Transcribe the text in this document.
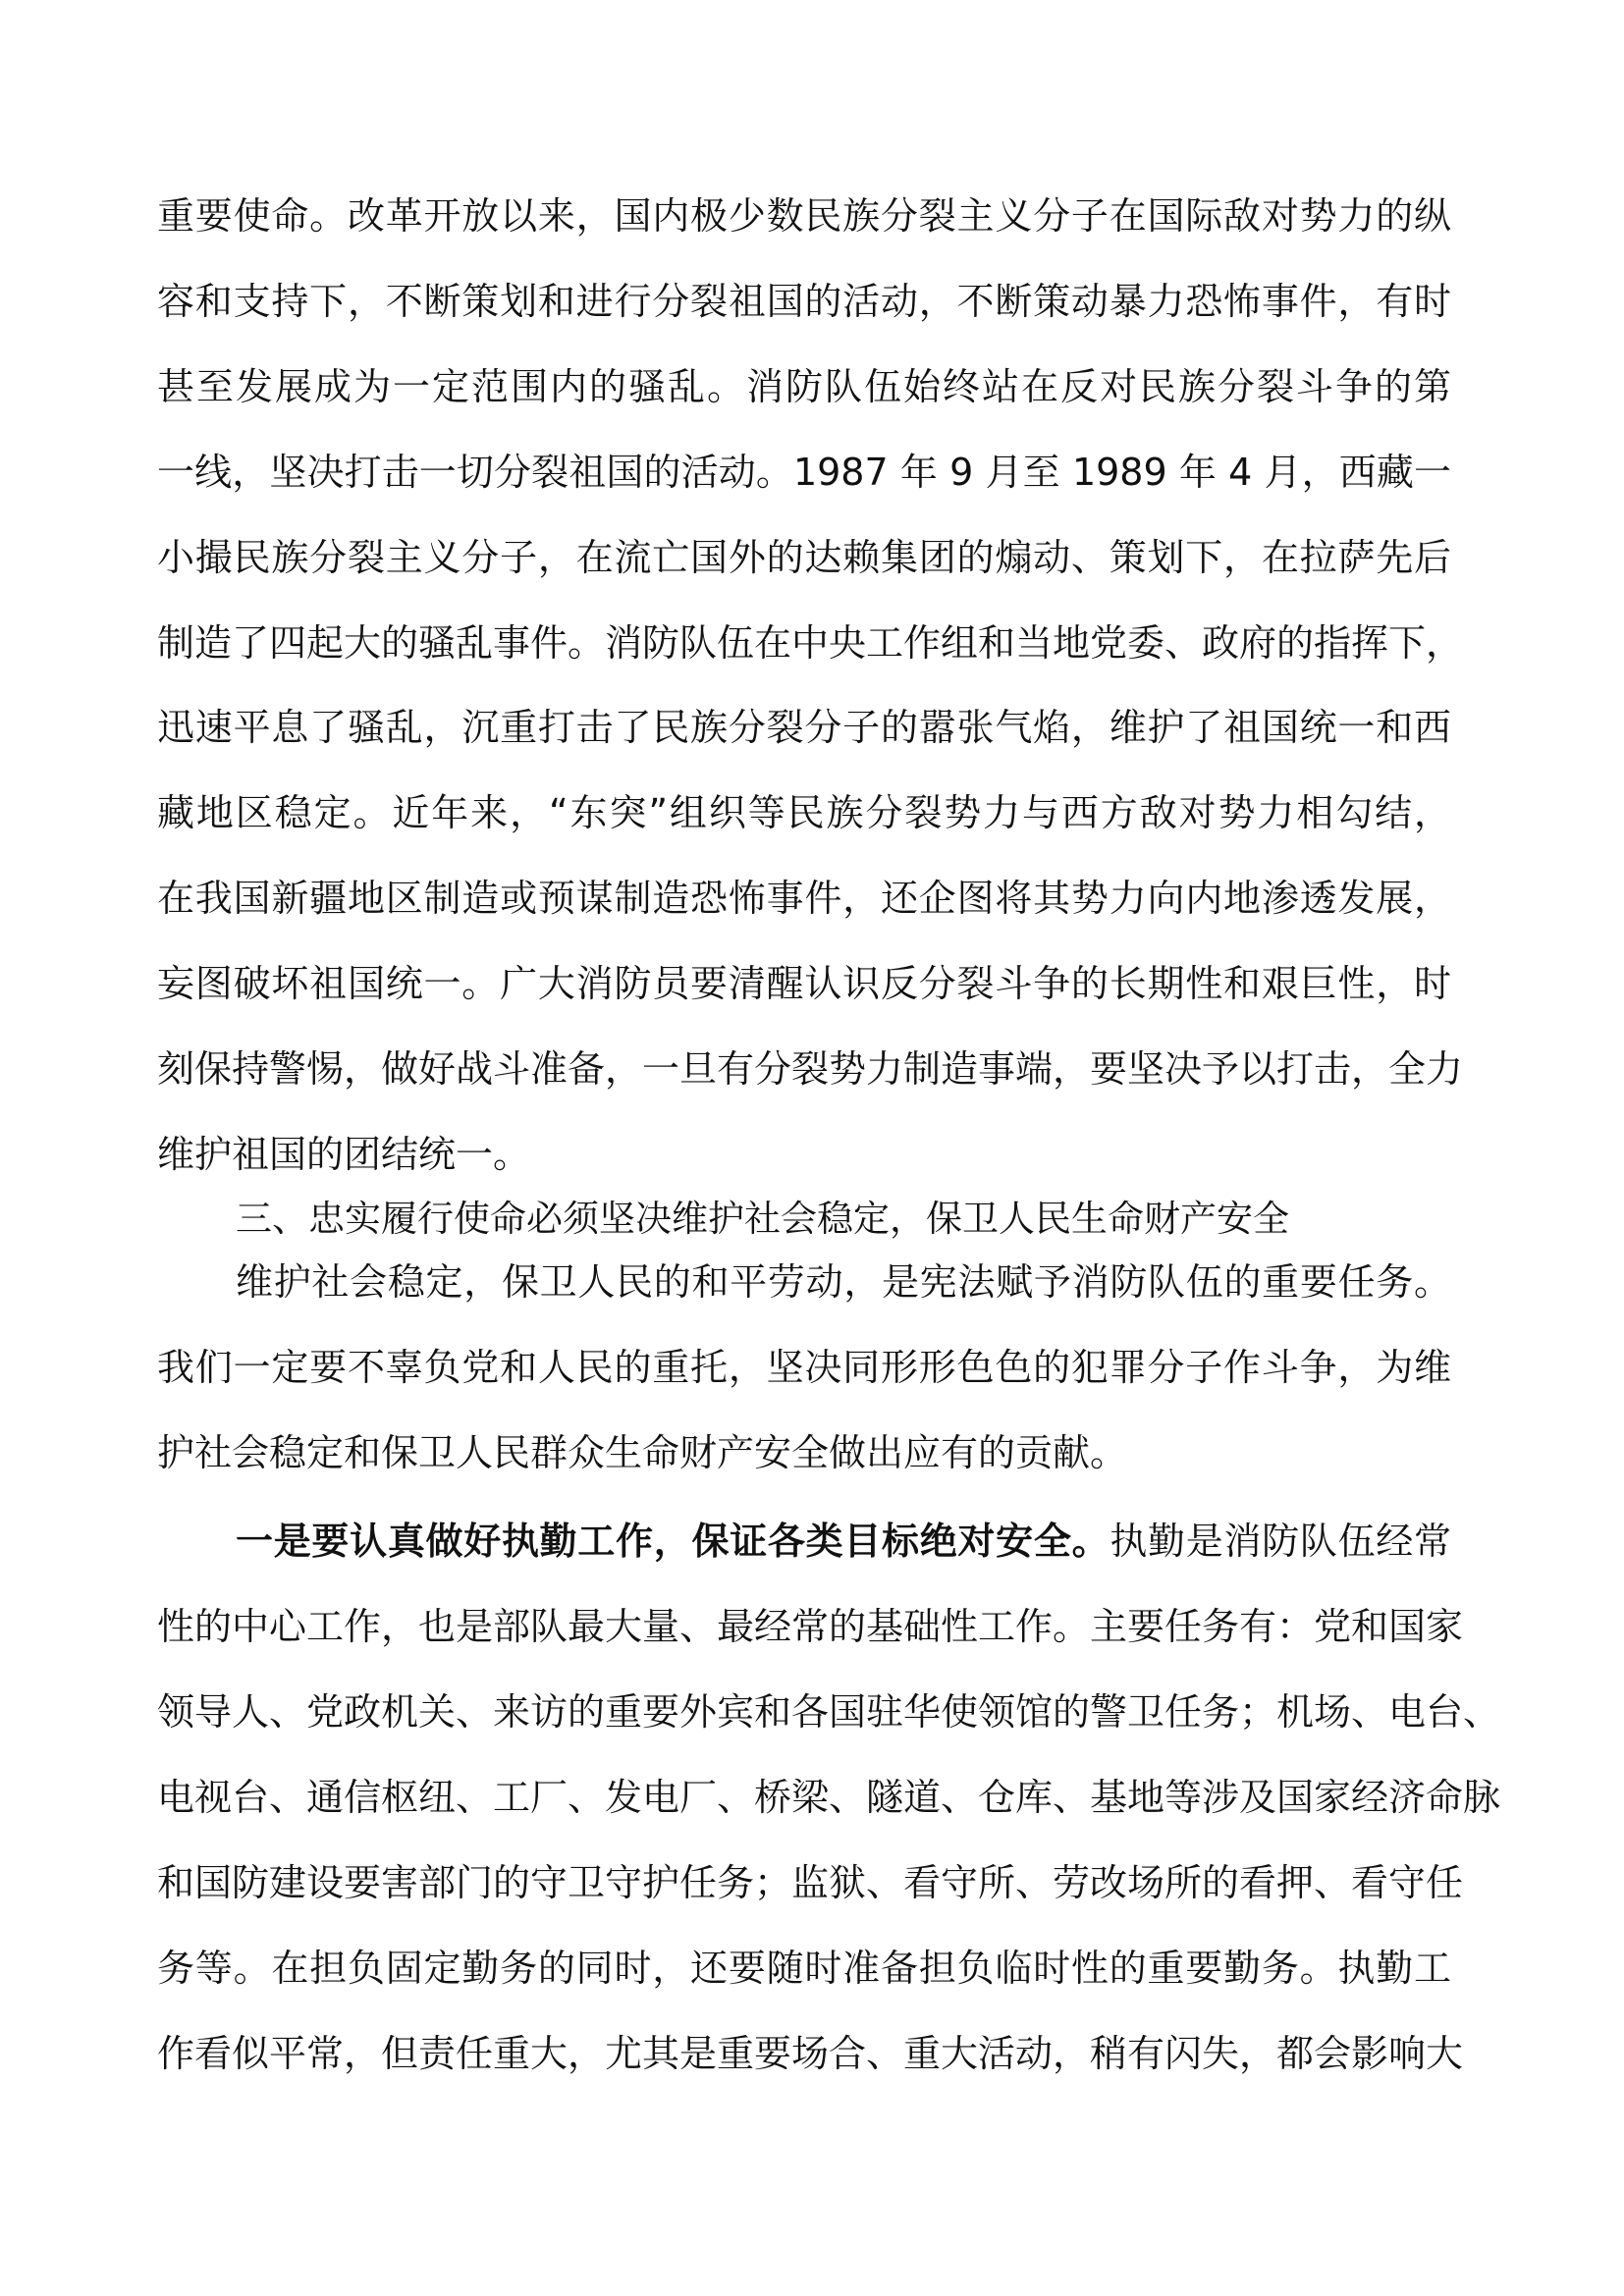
重要使命。改革开放以来，国内极少数民族分裂主义分子在国际敌对势力的纵
容和支持下，不断策划和进行分裂祖国的活动，不断策动暴力恐怖事件，有时
甚至发展成为一定范围内的骚乱。消防队伍始终站在反对民族分裂斗争的第
一线，坚决打击一切分裂祖国的活动。1987 年 9 月至 1989 年 4 月，西藏一
小撮民族分裂主义分子，在流亡国外的达赖集团的煽动、策划下，在拉萨先后
制造了四起大的骚乱事件。消防队伍在中央工作组和当地党委、政府的指挥下，
迅速平息了骚乱，沉重打击了民族分裂分子的嚣张气焰，维护了祖国统一和西
藏地区稳定。近年来，“东突”组织等民族分裂势力与西方敌对势力相勾结，
在我国新疆地区制造或预谋制造恐怖事件，还企图将其势力向内地渗透发展，
妄图破坏祖国统一。广大消防员要清醒认识反分裂斗争的长期性和艰巨性，时
刻保持警惕，做好战斗准备，一旦有分裂势力制造事端，要坚决予以打击，全力
维护祖国的团结统一。
三、忠实履行使命必须坚决维护社会稳定，保卫人民生命财产安全
维护社会稳定，保卫人民的和平劳动，是宪法赋予消防队伍的重要任务。
我们一定要不辜负党和人民的重托，坚决同形形色色的犯罪分子作斗争，为维
护社会稳定和保卫人民群众生命财产安全做出应有的贡献。
一是要认真做好执勤工作，保证各类目标绝对安全。执勤是消防队伍经常
性的中心工作，也是部队最大量、最经常的基础性工作。主要任务有：党和国家
领导人、党政机关、来访的重要外宾和各国驻华使领馆的警卫任务；机场、电台、
电视台、通信枢纽、工厂、发电厂、桥梁、隧道、仓库、基地等涉及国家经济命脉
和国防建设要害部门的守卫守护任务；监狱、看守所、劳改场所的看押、看守任
务等。在担负固定勤务的同时，还要随时准备担负临时性的重要勤务。执勤工
作看似平常，但责任重大，尤其是重要场合、重大活动，稍有闪失，都会影响大
